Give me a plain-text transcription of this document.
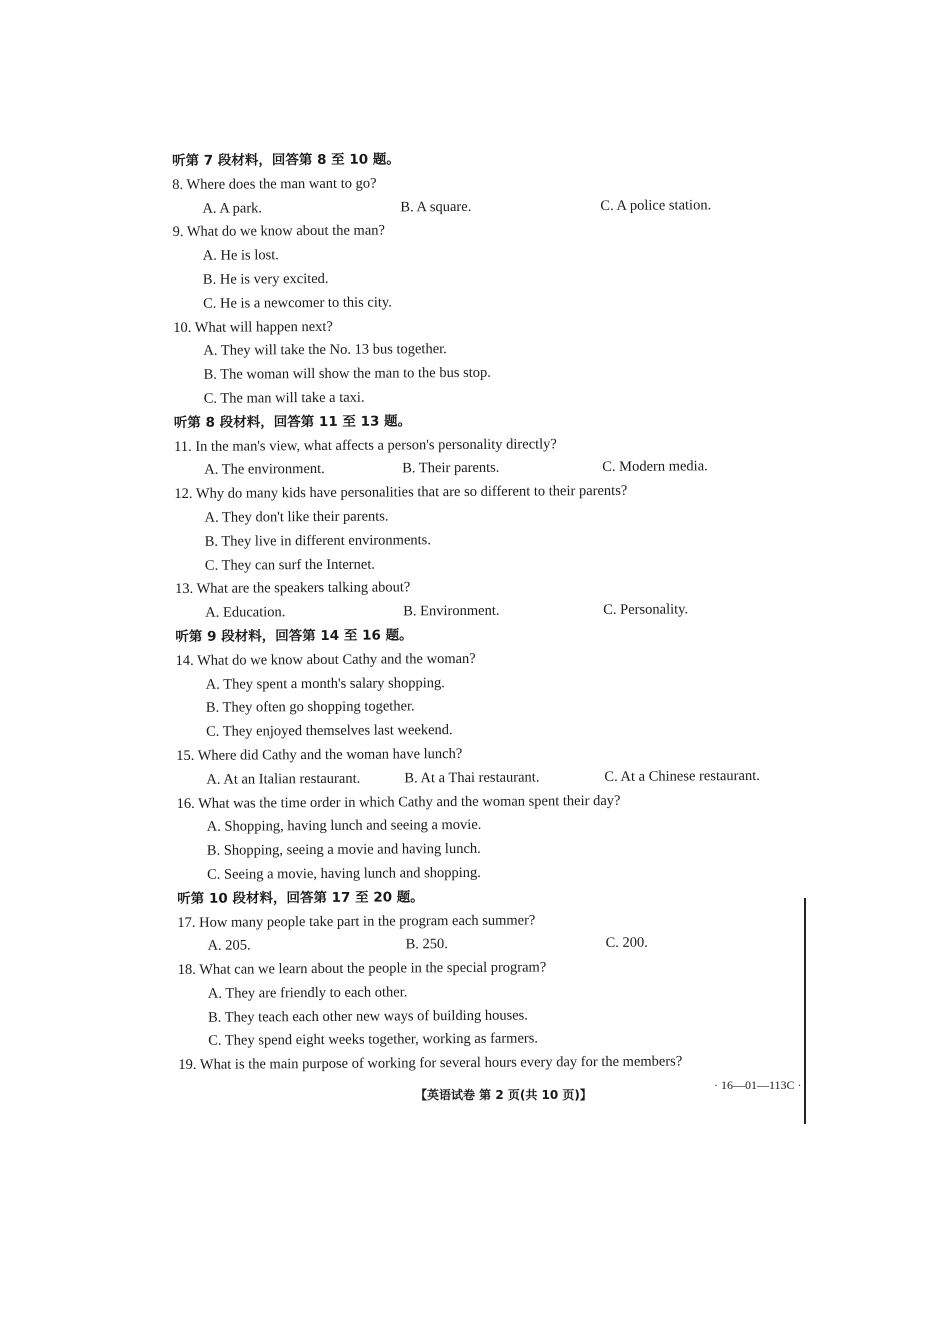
听第 7 段材料，回答第 8 至 10 题。
8. Where does the man want to go?
A. A park.	B. A square.	C. A police station.
9. What do we know about the man?
A. He is lost.
B. He is very excited.
C. He is a newcomer to this city.
10. What will happen next?
A. They will take the No. 13 bus together.
B. The woman will show the man to the bus stop.
C. The man will take a taxi.
听第 8 段材料，回答第 11 至 13 题。
11. In the man's view, what affects a person's personality directly?
A. The environment.	B. Their parents.	C. Modern media.
12. Why do many kids have personalities that are so different to their parents?
A. They don't like their parents.
B. They live in different environments.
C. They can surf the Internet.
13. What are the speakers talking about?
A. Education.	B. Environment.	C. Personality.
听第 9 段材料，回答第 14 至 16 题。
14. What do we know about Cathy and the woman?
A. They spent a month's salary shopping.
B. They often go shopping together.
C. They enjoyed themselves last weekend.
15. Where did Cathy and the woman have lunch?
A. At an Italian restaurant.	B. At a Thai restaurant.	C. At a Chinese restaurant.
16. What was the time order in which Cathy and the woman spent their day?
A. Shopping, having lunch and seeing a movie.
B. Shopping, seeing a movie and having lunch.
C. Seeing a movie, having lunch and shopping.
听第 10 段材料，回答第 17 至 20 题。
17. How many people take part in the program each summer?
A. 205.	B. 250.	C. 200.
18. What can we learn about the people in the special program?
A. They are friendly to each other.
B. They teach each other new ways of building houses.
C. They spend eight weeks together, working as farmers.
19. What is the main purpose of working for several hours every day for the members?
【英语试卷 第 2 页(共 10 页)】
· 16—01—113C ·
